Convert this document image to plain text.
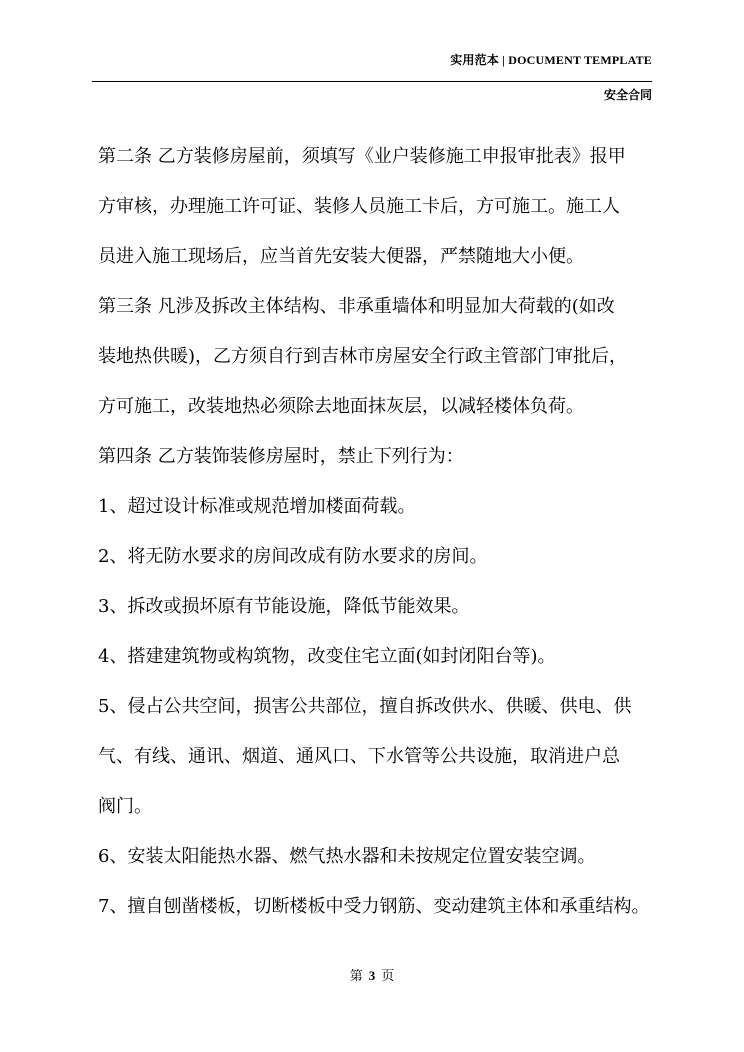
实用范本 | DOCUMENT TEMPLATE
安全合同
第二条 乙方装修房屋前，须填写《业户装修施工申报审批表》报甲
方审核，办理施工许可证、装修人员施工卡后，方可施工。施工人
员进入施工现场后，应当首先安装大便器，严禁随地大小便。
第三条 凡涉及拆改主体结构、非承重墙体和明显加大荷载的(如改
装地热供暖)，乙方须自行到吉林市房屋安全行政主管部门审批后，
方可施工，改装地热必须除去地面抹灰层，以减轻楼体负荷。
第四条 乙方装饰装修房屋时，禁止下列行为：
1、超过设计标准或规范增加楼面荷载。
2、将无防水要求的房间改成有防水要求的房间。
3、拆改或损坏原有节能设施，降低节能效果。
4、搭建建筑物或构筑物，改变住宅立面(如封闭阳台等)。
5、侵占公共空间，损害公共部位，擅自拆改供水、供暖、供电、供
气、有线、通讯、烟道、通风口、下水管等公共设施，取消进户总
阀门。
6、安装太阳能热水器、燃气热水器和未按规定位置安装空调。
7、擅自刨凿楼板，切断楼板中受力钢筋、变动建筑主体和承重结构。
第 3 页
